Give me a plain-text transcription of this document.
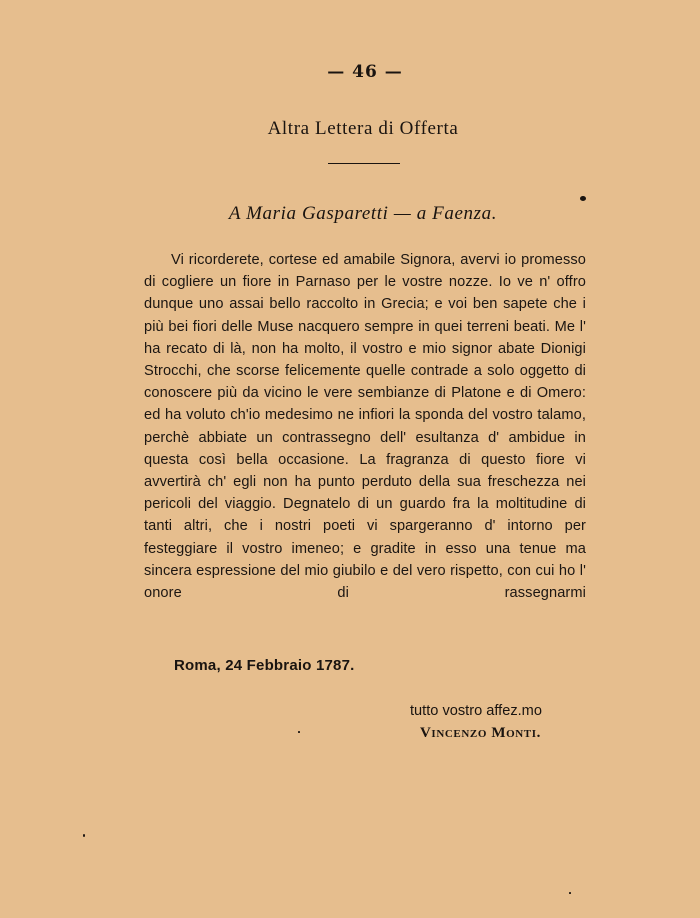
— 46 —
Altra Lettera di Offerta
A Maria Gasparetti — a Faenza.
Vi ricorderete, cortese ed amabile Signora, avervi io promesso di cogliere un fiore in Parnaso per le vostre nozze. Io ve n' offro dunque uno assai bello raccolto in Grecia; e voi ben sapete che i più bei fiori delle Muse nacquero sempre in quei terreni beati. Me l' ha recato di là, non ha molto, il vostro e mio signor abate Dionigi Strocchi, che scorse felicemente quelle contrade a solo oggetto di conoscere più da vicino le vere sembianze di Platone e di Omero: ed ha voluto ch'io medesimo ne infiori la sponda del vostro talamo, perchè abbiate un contrassegno dell' esultanza d' ambidue in questa così bella occasione. La fragranza di questo fiore vi avvertirà ch' egli non ha punto perduto della sua freschezza nei pericoli del viaggio. Degnatelo di un guardo fra la moltitudine di tanti altri, che i nostri poeti vi spargeranno d' intorno per festeggiare il vostro imeneo; e gradite in esso una tenue ma sincera espressione del mio giubilo e del vero rispetto, con cui ho l' onore di rassegnarmi
Roma, 24 Febbraio 1787.
tutto vostro affez.mo
Vincenzo Monti.
